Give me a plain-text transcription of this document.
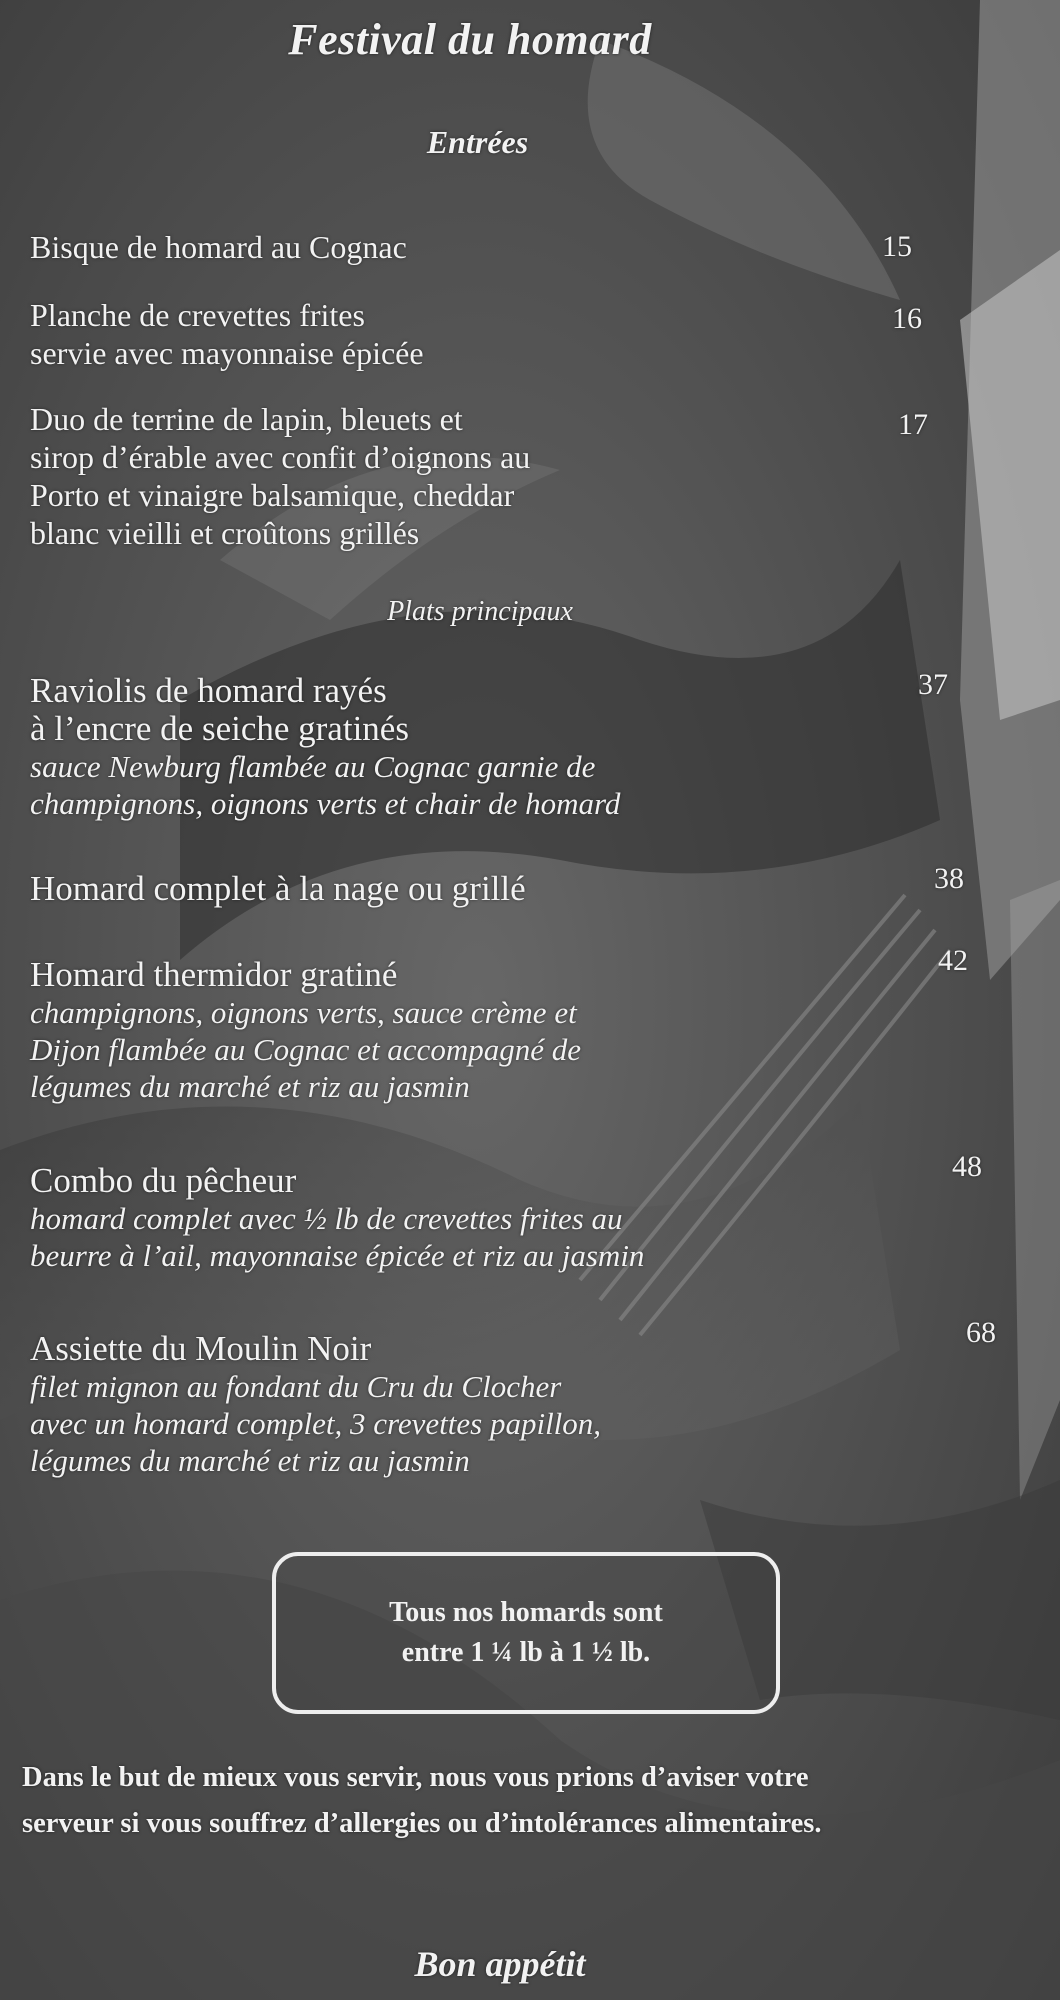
Festival du homard
Entrées
Bisque de homard au Cognac	15
Planche de crevettes frites
servie avec mayonnaise épicée
16
Duo de terrine de lapin, bleuets et
sirop d’érable avec confit d’oignons au
Porto et vinaigre balsamique, cheddar
blanc vieilli et croûtons grillés
17
Plats principaux
Raviolis de homard rayés
à l’encre de seiche gratinés
sauce Newburg flambée au Cognac garnie de
champignons, oignons verts et chair de homard
37
Homard complet à la nage ou grillé	38
Homard thermidor gratiné
champignons, oignons verts, sauce crème et
Dijon flambée au Cognac et accompagné de
légumes du marché et riz au jasmin
42
Combo du pêcheur
homard complet avec ½ lb de crevettes frites au
beurre à l’ail, mayonnaise épicée et riz au jasmin
48
Assiette du Moulin Noir
filet mignon au fondant du Cru du Clocher
avec un homard complet, 3 crevettes papillon,
légumes du marché et riz au jasmin
68
Tous nos homards sont
entre 1 ¼ lb à 1 ½ lb.
Dans le but de mieux vous servir, nous vous prions d’aviser votre
serveur si vous souffrez d’allergies ou d’intolérances alimentaires.
Bon appétit
